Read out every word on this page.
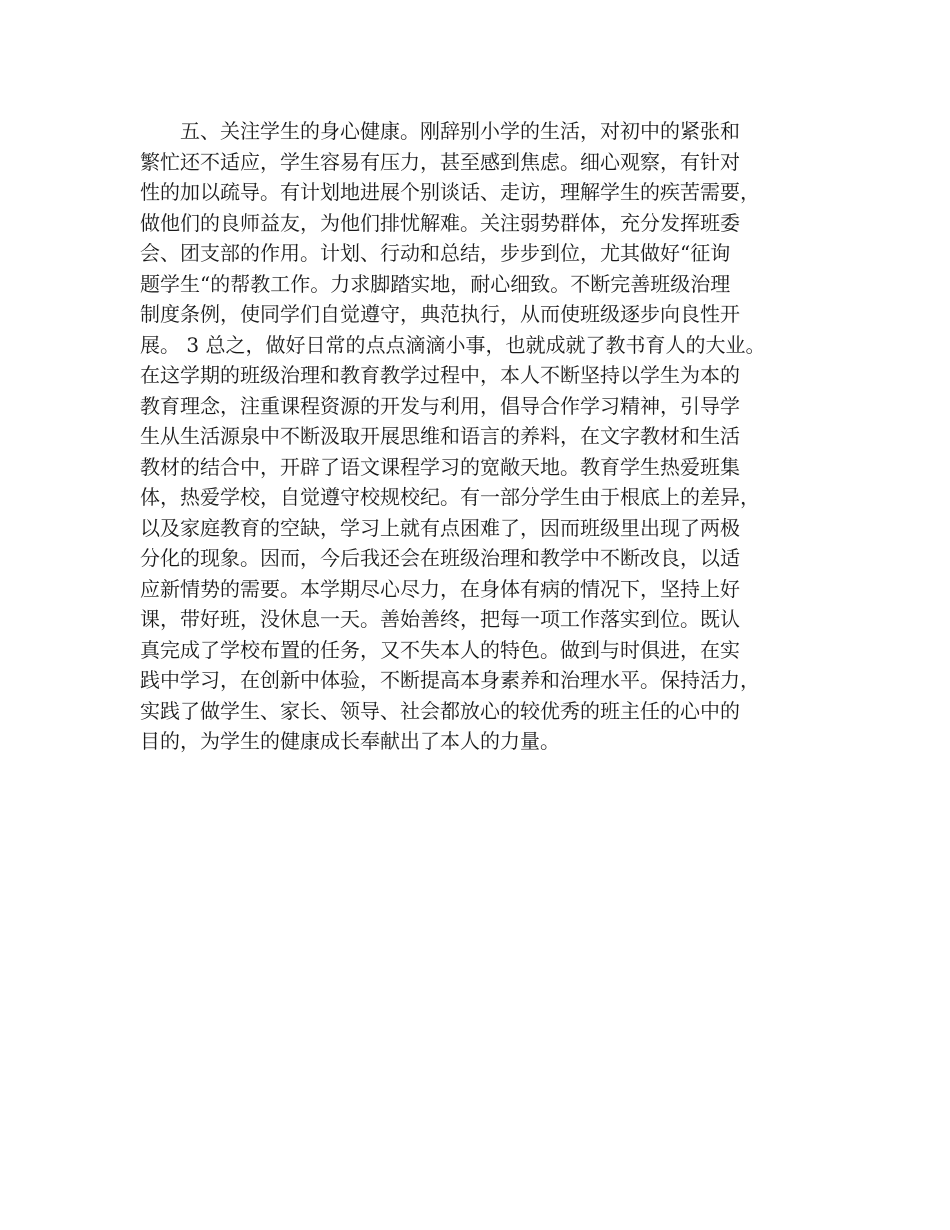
　　五、关注学生的身心健康。刚辞别小学的生活，对初中的紧张和
繁忙还不适应，学生容易有压力，甚至感到焦虑。细心观察，有针对
性的加以疏导。有计划地进展个别谈话、走访，理解学生的疾苦需要，
做他们的良师益友，为他们排忧解难。关注弱势群体，充分发挥班委
会、团支部的作用。计划、行动和总结，步步到位，尤其做好“征询
题学生“的帮教工作。力求脚踏实地，耐心细致。不断完善班级治理
制度条例，使同学们自觉遵守，典范执行，从而使班级逐步向良性开
展。 3 总之，做好日常的点点滴滴小事，也就成就了教书育人的大业。
在这学期的班级治理和教育教学过程中，本人不断坚持以学生为本的
教育理念，注重课程资源的开发与利用，倡导合作学习精神，引导学
生从生活源泉中不断汲取开展思维和语言的养料，在文字教材和生活
教材的结合中，开辟了语文课程学习的宽敞天地。教育学生热爱班集
体，热爱学校，自觉遵守校规校纪。有一部分学生由于根底上的差异，
以及家庭教育的空缺，学习上就有点困难了，因而班级里出现了两极
分化的现象。因而，今后我还会在班级治理和教学中不断改良，以适
应新情势的需要。本学期尽心尽力，在身体有病的情况下，坚持上好
课，带好班，没休息一天。善始善终，把每一项工作落实到位。既认
真完成了学校布置的任务，又不失本人的特色。做到与时俱进，在实
践中学习，在创新中体验，不断提高本身素养和治理水平。保持活力，
实践了做学生、家长、领导、社会都放心的较优秀的班主任的心中的
目的，为学生的健康成长奉献出了本人的力量。
